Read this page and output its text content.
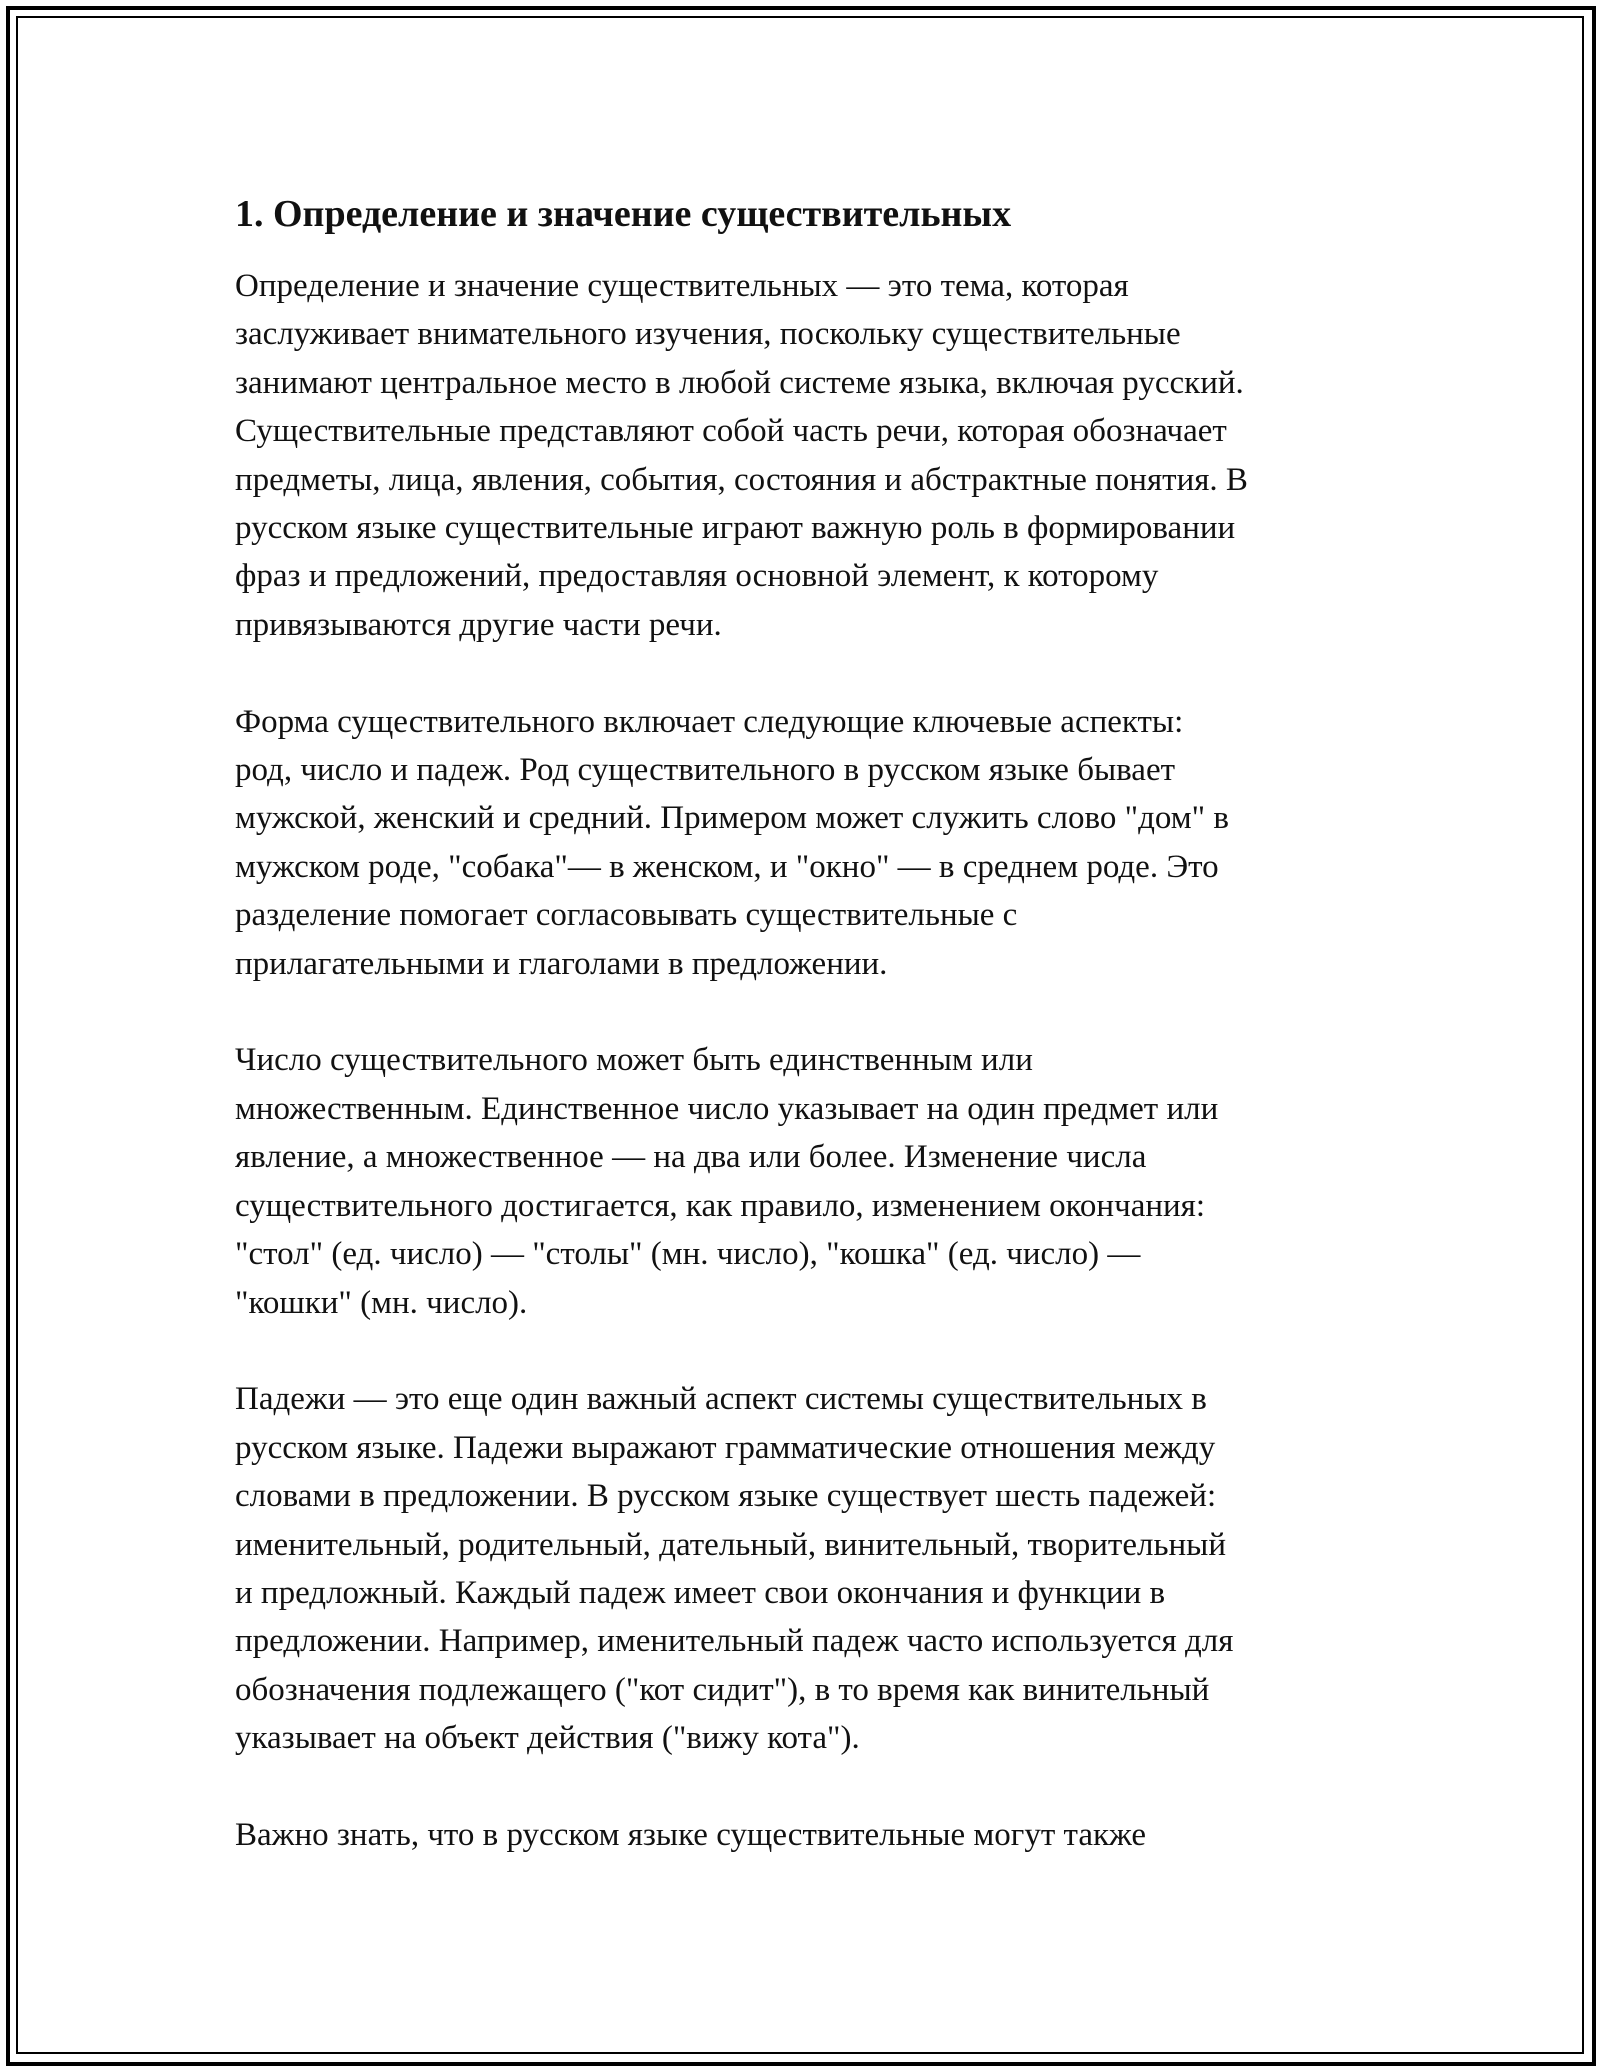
1. Определение и значение существительных

Определение и значение существительных — это тема, которая
заслуживает внимательного изучения, поскольку существительные
занимают центральное место в любой системе языка, включая русский.
Существительные представляют собой часть речи, которая обозначает
предметы, лица, явления, события, состояния и абстрактные понятия. В
русском языке существительные играют важную роль в формировании
фраз и предложений, предоставляя основной элемент, к которому
привязываются другие части речи.

Форма существительного включает следующие ключевые аспекты:
род, число и падеж. Род существительного в русском языке бывает
мужской, женский и средний. Примером может служить слово "дом" в
мужском роде, "собака"— в женском, и "окно" — в среднем роде. Это
разделение помогает согласовывать существительные с
прилагательными и глаголами в предложении.

Число существительного может быть единственным или
множественным. Единственное число указывает на один предмет или
явление, а множественное — на два или более. Изменение числа
существительного достигается, как правило, изменением окончания:
"стол" (ед. число) — "столы" (мн. число), "кошка" (ед. число) —
"кошки" (мн. число).

Падежи — это еще один важный аспект системы существительных в
русском языке. Падежи выражают грамматические отношения между
словами в предложении. В русском языке существует шесть падежей:
именительный, родительный, дательный, винительный, творительный
и предложный. Каждый падеж имеет свои окончания и функции в
предложении. Например, именительный падеж часто используется для
обозначения подлежащего ("кот сидит"), в то время как винительный
указывает на объект действия ("вижу кота").

Важно знать, что в русском языке существительные могут также
